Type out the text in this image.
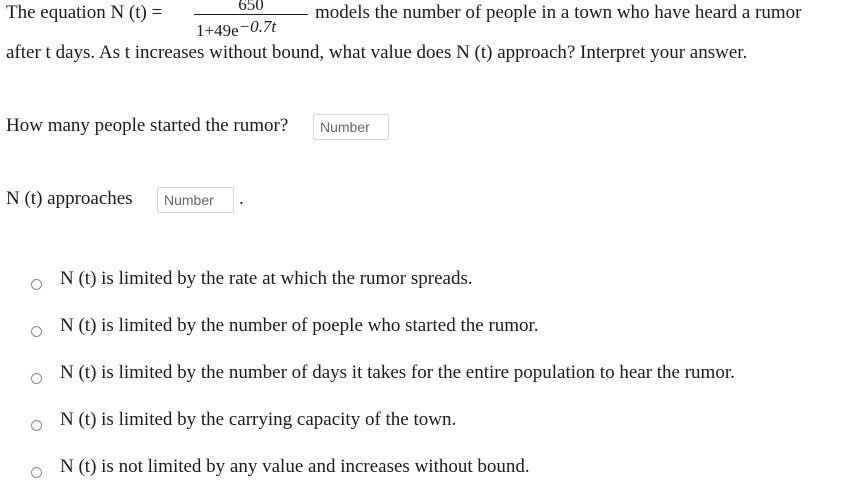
The equation N (t) =	650
$1+49e^{-0.7t}$
models the number of people in a town who have heard a rumor
after t days. As t increases without bound, what value does N (t) approach? Interpret your answer.
How many people started the rumor?
Number
N (t) approaches
Number	.
N (t) is limited by the rate at which the rumor spreads.
N (t) is limited by the number of poeple who started the rumor.
N (t) is limited by the number of days it takes for the entire population to hear the rumor.
N (t) is limited by the carrying capacity of the town.
N (t) is not limited by any value and increases without bound.
